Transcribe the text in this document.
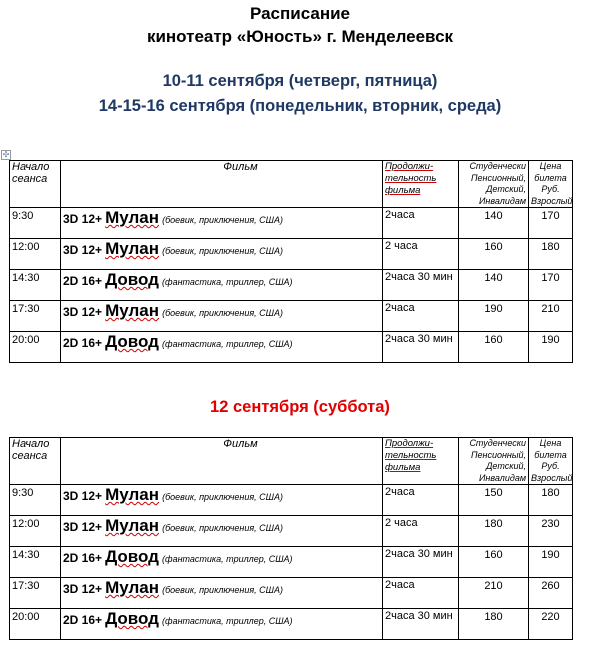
Расписание
кинотеатр «Юность» г. Менделеевск
10-11 сентября (четверг, пятница)
14-15-16 сентября (понедельник, вторник, среда)
✣
Начало сеанса	Фильм	Продолжи-тельность фильма	Студенчески Пенсионный, Детский, Инвалидам	Цена билета Руб. Взрослый
9:30	3D 12+ Мулан (боевик, приключения, США)	2часа	140	170
12:00	3D 12+ Мулан (боевик, приключения, США)	2 часа	160	180
14:30	2D 16+ Довод (фантастика, триллер, США)	2часа 30 мин	140	170
17:30	3D 12+ Мулан (боевик, приключения, США)	2часа	190	210
20:00	2D 16+ Довод (фантастика, триллер, США)	2часа 30 мин	160	190
12 сентября (суббота)
Начало сеанса	Фильм	Продолжи-тельность фильма	Студенчески Пенсионный, Детский, Инвалидам	Цена билета Руб. Взрослый
9:30	3D 12+ Мулан (боевик, приключения, США)	2часа	150	180
12:00	3D 12+ Мулан (боевик, приключения, США)	2 часа	180	230
14:30	2D 16+ Довод (фантастика, триллер, США)	2часа 30 мин	160	190
17:30	3D 12+ Мулан (боевик, приключения, США)	2часа	210	260
20:00	2D 16+ Довод (фантастика, триллер, США)	2часа 30 мин	180	220
